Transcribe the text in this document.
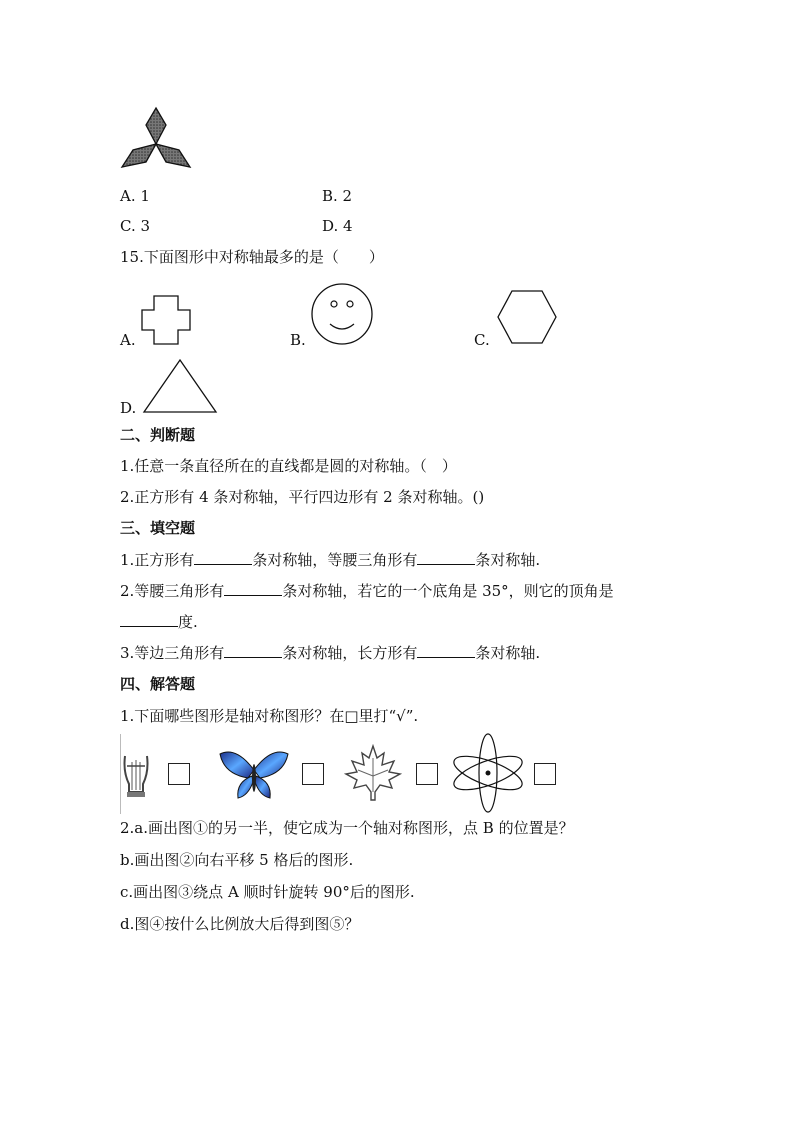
A. 1	B. 2
C. 3	D. 4
15.下面图形中对称轴最多的是（　　）
A.	B.	C.
D.
二、判断题
1.任意一条直径所在的直线都是圆的对称轴。（　）
2.正方形有 4 条对称轴，平行四边形有 2 条对称轴。()
三、填空题
1.正方形有	条对称轴，等腰三角形有	条对称轴.
2.等腰三角形有	条对称轴，若它的一个底角是 35°，则它的顶角是
度.
3.等边三角形有	条对称轴，长方形有	条对称轴.
四、解答题
1.下面哪些图形是轴对称图形？在□里打“√”.
2.a.画出图①的另一半，使它成为一个轴对称图形，点 B 的位置是？
b.画出图②向右平移 5 格后的图形.
c.画出图③绕点 A 顺时针旋转 90°后的图形.
d.图④按什么比例放大后得到图⑤？
